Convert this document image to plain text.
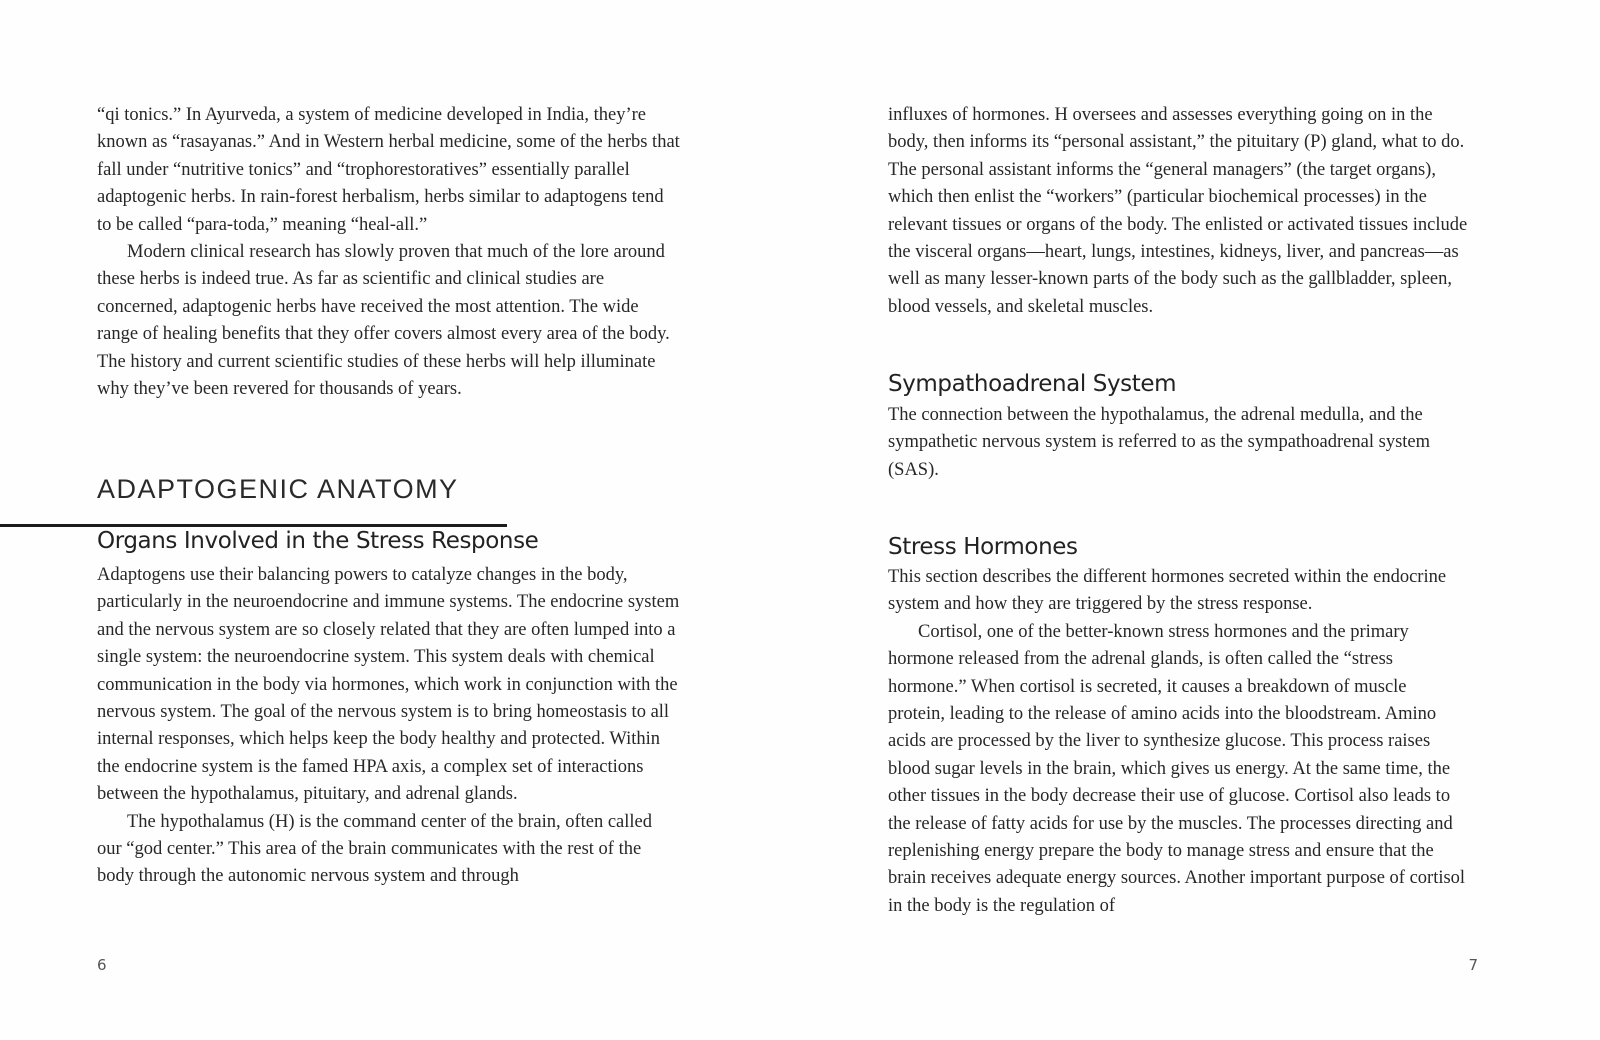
“qi tonics.” In Ayurveda, a system of medicine developed in India, they’re known as “rasayanas.” And in Western herbal medicine, some of the herbs that fall under “nutritive tonics” and “trophorestoratives” essentially parallel adaptogenic herbs. In rain-forest herbalism, herbs similar to adaptogens tend to be called “para-toda,” meaning “heal-all.”

Modern clinical research has slowly proven that much of the lore around these herbs is indeed true. As far as scientific and clinical studies are concerned, adaptogenic herbs have received the most attention. The wide range of healing benefits that they offer covers almost every area of the body. The history and current scientific studies of these herbs will help illuminate why they’ve been revered for thousands of years.

ADAPTOGENIC ANATOMY
Organs Involved in the Stress Response

Adaptogens use their balancing powers to catalyze changes in the body, particularly in the neuroendocrine and immune systems. The endocrine system and the nervous system are so closely related that they are often lumped into a single system: the neuroendocrine system. This system deals with chemical communication in the body via hormones, which work in conjunction with the nervous system. The goal of the nervous system is to bring homeostasis to all internal responses, which helps keep the body healthy and protected. Within the endocrine system is the famed HPA axis, a complex set of interactions between the hypothalamus, pituitary, and adrenal glands.

The hypothalamus (H) is the command center of the brain, often called our “god center.” This area of the brain communicates with the rest of the body through the autonomic nervous system and through

influxes of hormones. H oversees and assesses everything going on in the body, then informs its “personal assistant,” the pituitary (P) gland, what to do. The personal assistant informs the “general managers” (the target organs), which then enlist the “workers” (particular biochemical processes) in the relevant tissues or organs of the body. The enlisted or activated tissues include the visceral organs—heart, lungs, intestines, kidneys, liver, and pancreas—as well as many lesser-known parts of the body such as the gallbladder, spleen, blood vessels, and skeletal muscles.

Sympathoadrenal System

The connection between the hypothalamus, the adrenal medulla, and the sympathetic nervous system is referred to as the sympathoadrenal system (SAS).

Stress Hormones

This section describes the different hormones secreted within the endocrine system and how they are triggered by the stress response.

Cortisol, one of the better-known stress hormones and the primary hormone released from the adrenal glands, is often called the “stress hormone.” When cortisol is secreted, it causes a breakdown of muscle protein, leading to the release of amino acids into the bloodstream. Amino acids are processed by the liver to synthesize glucose. This process raises blood sugar levels in the brain, which gives us energy. At the same time, the other tissues in the body decrease their use of glucose. Cortisol also leads to the release of fatty acids for use by the muscles. The processes directing and replenishing energy prepare the body to manage stress and ensure that the brain receives adequate energy sources. Another important purpose of cortisol in the body is the regulation of

6	7
